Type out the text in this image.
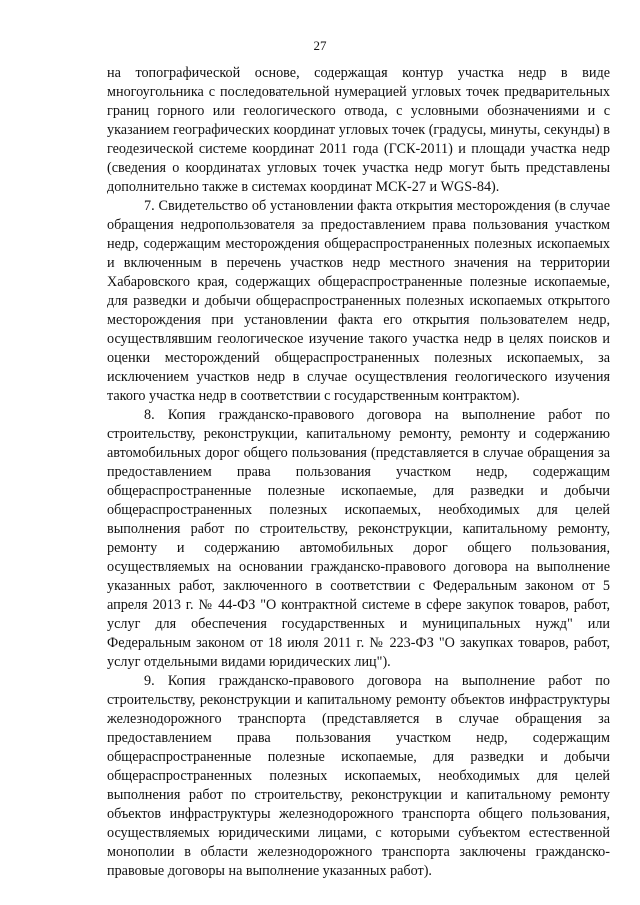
27

на топографической основе, содержащая контур участка недр в виде многоугольника с последовательной нумерацией угловых точек предварительных границ горного или геологического отвода, с условными обозначениями и с указанием географических координат угловых точек (градусы, минуты, секунды) в геодезической системе координат 2011 года (ГСК-2011) и площади участка недр (сведения о координатах угловых точек участка недр могут быть представлены дополнительно также в системах координат МСК-27 и WGS-84).

7. Свидетельство об установлении факта открытия месторождения (в случае обращения недропользователя за предоставлением права пользования участком недр, содержащим месторождения общераспространенных полезных ископаемых и включенным в перечень участков недр местного значения на территории Хабаровского края, содержащих общераспространенные полезные ископаемые, для разведки и добычи общераспространенных полезных ископаемых открытого месторождения при установлении факта его открытия пользователем недр, осуществлявшим геологическое изучение такого участка недр в целях поисков и оценки месторождений общераспространенных полезных ископаемых, за исключением участков недр в случае осуществления геологического изучения такого участка недр в соответствии с государственным контрактом).

8. Копия гражданско-правового договора на выполнение работ по строительству, реконструкции, капитальному ремонту, ремонту и содержанию автомобильных дорог общего пользования (представляется в случае обращения за предоставлением права пользования участком недр, содержащим общераспространенные полезные ископаемые, для разведки и добычи общераспространенных полезных ископаемых, необходимых для целей выполнения работ по строительству, реконструкции, капитальному ремонту, ремонту и содержанию автомобильных дорог общего пользования, осуществляемых на основании гражданско-правового договора на выполнение указанных работ, заключенного в соответствии с Федеральным законом от 5 апреля 2013 г. № 44-ФЗ "О контрактной системе в сфере закупок товаров, работ, услуг для обеспечения государственных и муниципальных нужд" или Федеральным законом от 18 июля 2011 г. № 223-ФЗ "О закупках товаров, работ, услуг отдельными видами юридических лиц").

9. Копия гражданско-правового договора на выполнение работ по строительству, реконструкции и капитальному ремонту объектов инфраструктуры железнодорожного транспорта (представляется в случае обращения за предоставлением права пользования участком недр, содержащим общераспространенные полезные ископаемые, для разведки и добычи общераспространенных полезных ископаемых, необходимых для целей выполнения работ по строительству, реконструкции и капитальному ремонту объектов инфраструктуры железнодорожного транспорта общего пользования, осуществляемых юридическими лицами, с которыми субъектом естественной монополии в области железнодорожного транспорта заключены гражданско-правовые договоры на выполнение указанных работ).
